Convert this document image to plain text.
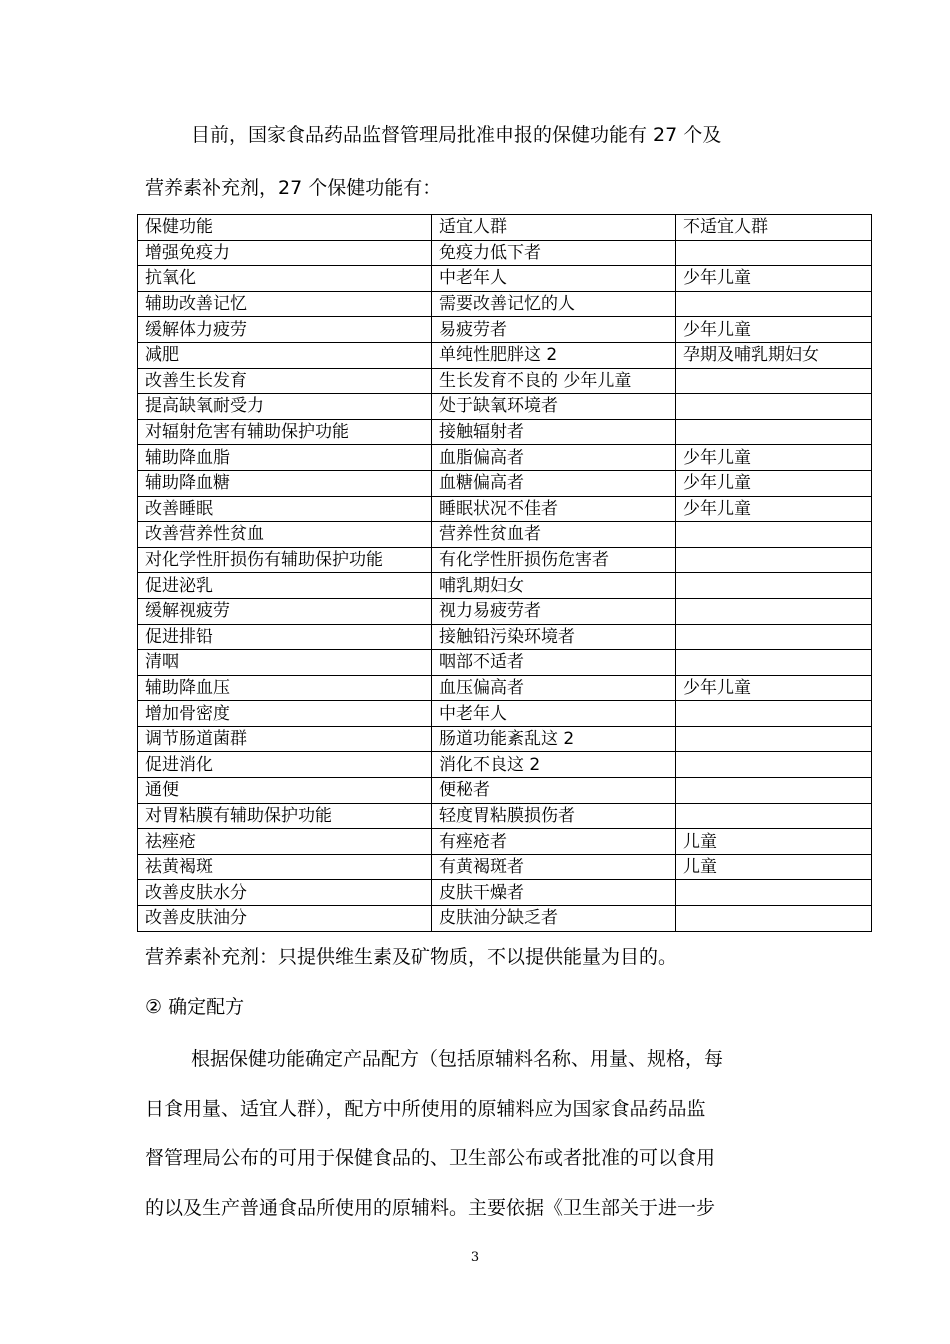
目前，国家食品药品监督管理局批准申报的保健功能有 27 个及
营养素补充剂，27 个保健功能有：
保健功能	适宜人群	不适宜人群
增强免疫力	免疫力低下者	
抗氧化	中老年人	少年儿童
辅助改善记忆	需要改善记忆的人	
缓解体力疲劳	易疲劳者	少年儿童
减肥	单纯性肥胖这 2	孕期及哺乳期妇女
改善生长发育	生长发育不良的 少年儿童	
提高缺氧耐受力	处于缺氧环境者	
对辐射危害有辅助保护功能	接触辐射者	
辅助降血脂	血脂偏高者	少年儿童
辅助降血糖	血糖偏高者	少年儿童
改善睡眠	睡眠状况不佳者	少年儿童
改善营养性贫血	营养性贫血者	
对化学性肝损伤有辅助保护功能	有化学性肝损伤危害者	
促进泌乳	哺乳期妇女	
缓解视疲劳	视力易疲劳者	
促进排铅	接触铅污染环境者	
清咽	咽部不适者	
辅助降血压	血压偏高者	少年儿童
增加骨密度	中老年人	
调节肠道菌群	肠道功能紊乱这 2	
促进消化	消化不良这 2	
通便	便秘者	
对胃粘膜有辅助保护功能	轻度胃粘膜损伤者	
祛痤疮	有痤疮者	儿童
祛黄褐斑	有黄褐斑者	儿童
改善皮肤水分	皮肤干燥者	
改善皮肤油分	皮肤油分缺乏者	
营养素补充剂：只提供维生素及矿物质，不以提供能量为目的。
② 确定配方
根据保健功能确定产品配方（包括原辅料名称、用量、规格，每
日食用量、适宜人群），配方中所使用的原辅料应为国家食品药品监
督管理局公布的可用于保健食品的、卫生部公布或者批准的可以食用
的以及生产普通食品所使用的原辅料。主要依据《卫生部关于进一步
3
